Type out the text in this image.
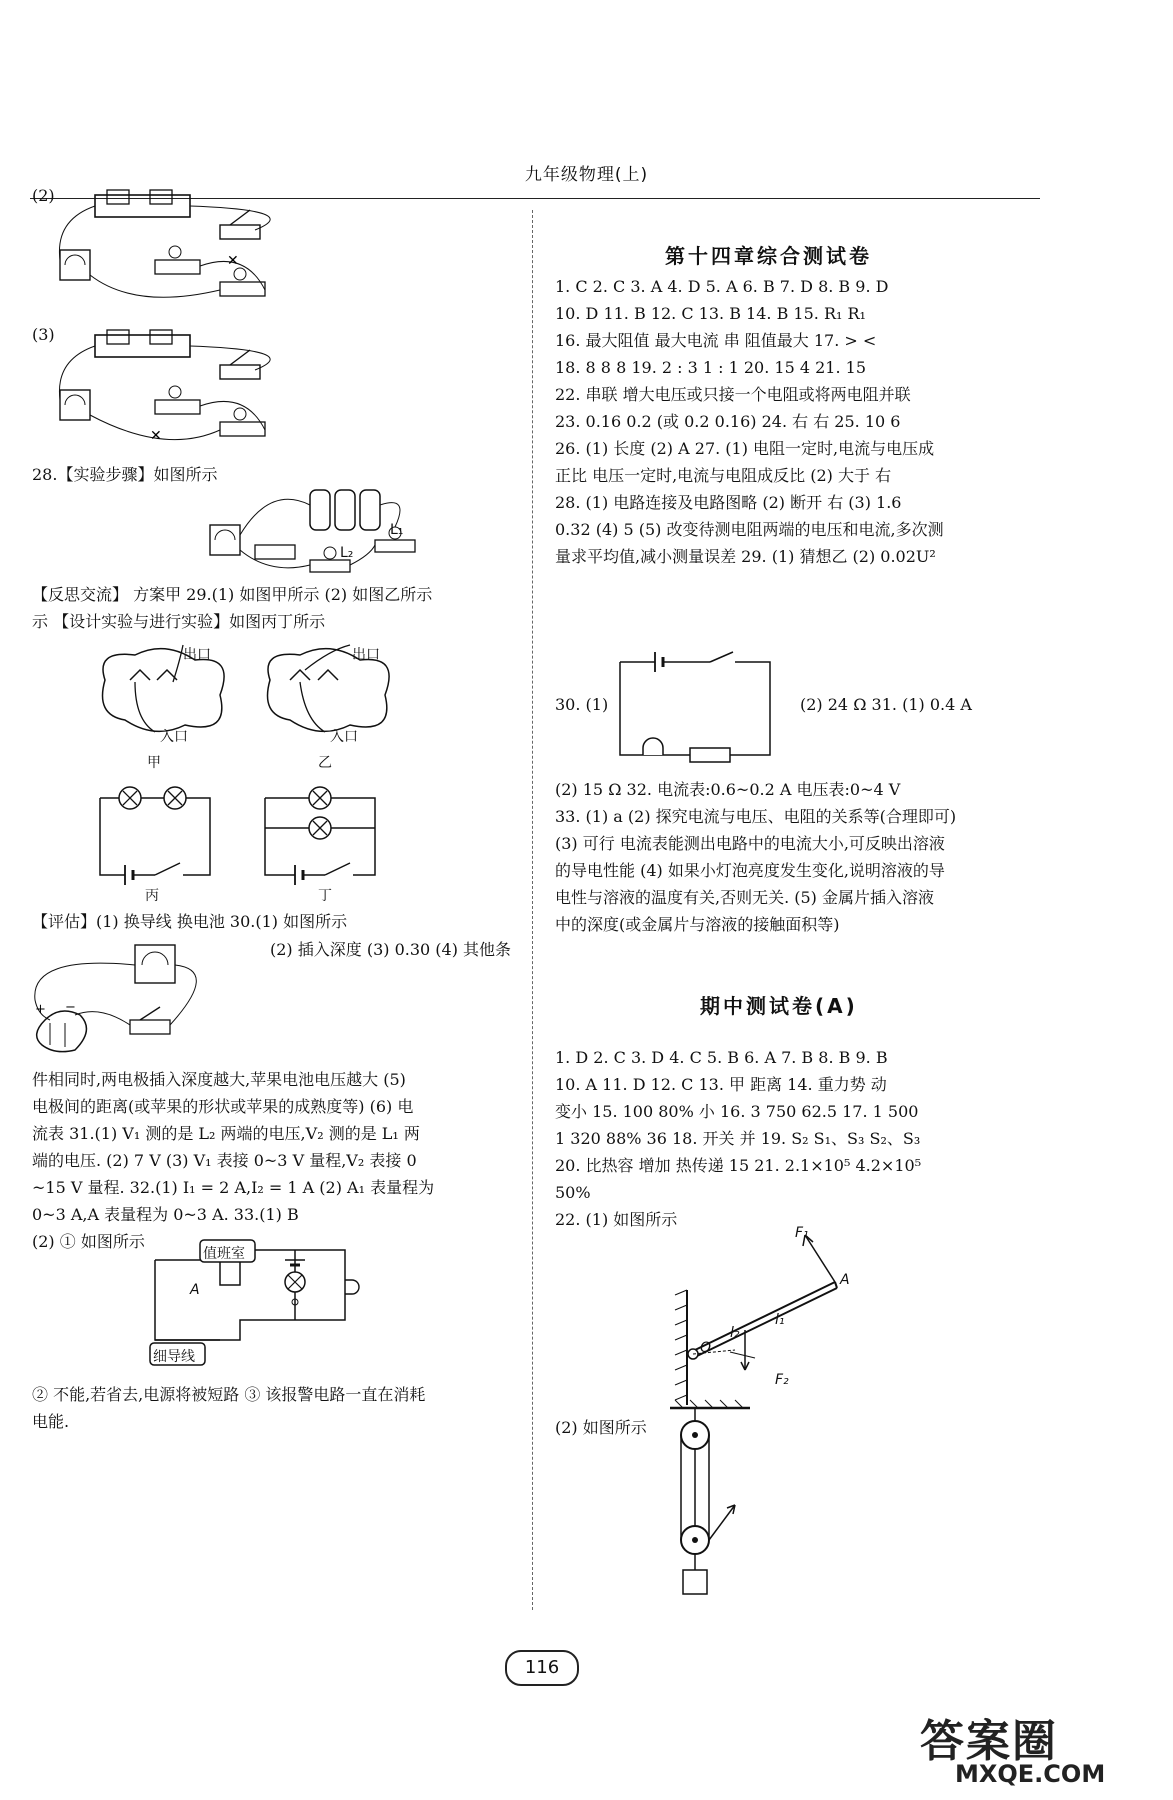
九年级物理(上)
(2)
✕
(3)
✕
28.【实验步骤】如图所示
L₁
L₂
【反思交流】 方案甲 29.(1) 如图甲所示 (2) 如图乙所示
示 【设计实验与进行实验】如图丙丁所示
出口
入口
甲
出口
入口
乙
丙	丁
【评估】(1) 换导线 换电池 30.(1) 如图所示
(2) 插入深度 (3) 0.30 (4) 其他条
+ −
件相同时,两电极插入深度越大,苹果电池电压越大 (5)
电极间的距离(或苹果的形状或苹果的成熟度等) (6) 电
流表 31.(1) V₁ 测的是 L₂ 两端的电压,V₂ 测的是 L₁ 两
端的电压. (2) 7 V (3) V₁ 表接 0~3 V 量程,V₂ 表接 0
~15 V 量程. 32.(1) I₁ = 2 A,I₂ = 1 A (2) A₁ 表量程为
0~3 A,A 表量程为 0~3 A. 33.(1) B
(2) ① 如图所示
值班室
A
细导线
② 不能,若省去,电源将被短路 ③ 该报警电路一直在消耗
电能.
第十四章综合测试卷
1. C 2. C 3. A 4. D 5. A 6. B 7. D 8. B 9. D
10. D 11. B 12. C 13. B 14. B 15. R₁ R₁
16. 最大阻值 最大电流 串 阻值最大 17. > <
18. 8 8 8 19. 2 : 3 1 : 1 20. 15 4 21. 15
22. 串联 增大电压或只接一个电阻或将两电阻并联
23. 0.16 0.2 (或 0.2 0.16) 24. 右 右 25. 10 6
26. (1) 长度 (2) A 27. (1) 电阻一定时,电流与电压成
正比 电压一定时,电流与电阻成反比 (2) 大于 右
28. (1) 电路连接及电路图略 (2) 断开 右 (3) 1.6
0.32 (4) 5 (5) 改变待测电阻两端的电压和电流,多次测
量求平均值,减小测量误差 29. (1) 猜想乙 (2) 0.02U²
30. (1)	(2) 24 Ω 31. (1) 0.4 A
(2) 15 Ω 32. 电流表:0.6~0.2 A 电压表:0~4 V
33. (1) a (2) 探究电流与电压、电阻的关系等(合理即可)
(3) 可行 电流表能测出电路中的电流大小,可反映出溶液
的导电性能 (4) 如果小灯泡亮度发生变化,说明溶液的导
电性与溶液的温度有关,否则无关. (5) 金属片插入溶液
中的深度(或金属片与溶液的接触面积等)
期中测试卷(A)
1. D 2. C 3. D 4. C 5. B 6. A 7. B 8. B 9. B
10. A 11. D 12. C 13. 甲 距离 14. 重力势 动
变小 15. 100 80% 小 16. 3 750 62.5 17. 1 500
1 320 88% 36 18. 开关 并 19. S₂ S₁、S₃ S₂、S₃
20. 比热容 增加 热传递 15 21. 2.1×10⁵ 4.2×10⁵
50%
22. (1) 如图所示
F₁
A
O
l₂
l₁
F₂
(2) 如图所示
116
答案圈
MXQE.COM
